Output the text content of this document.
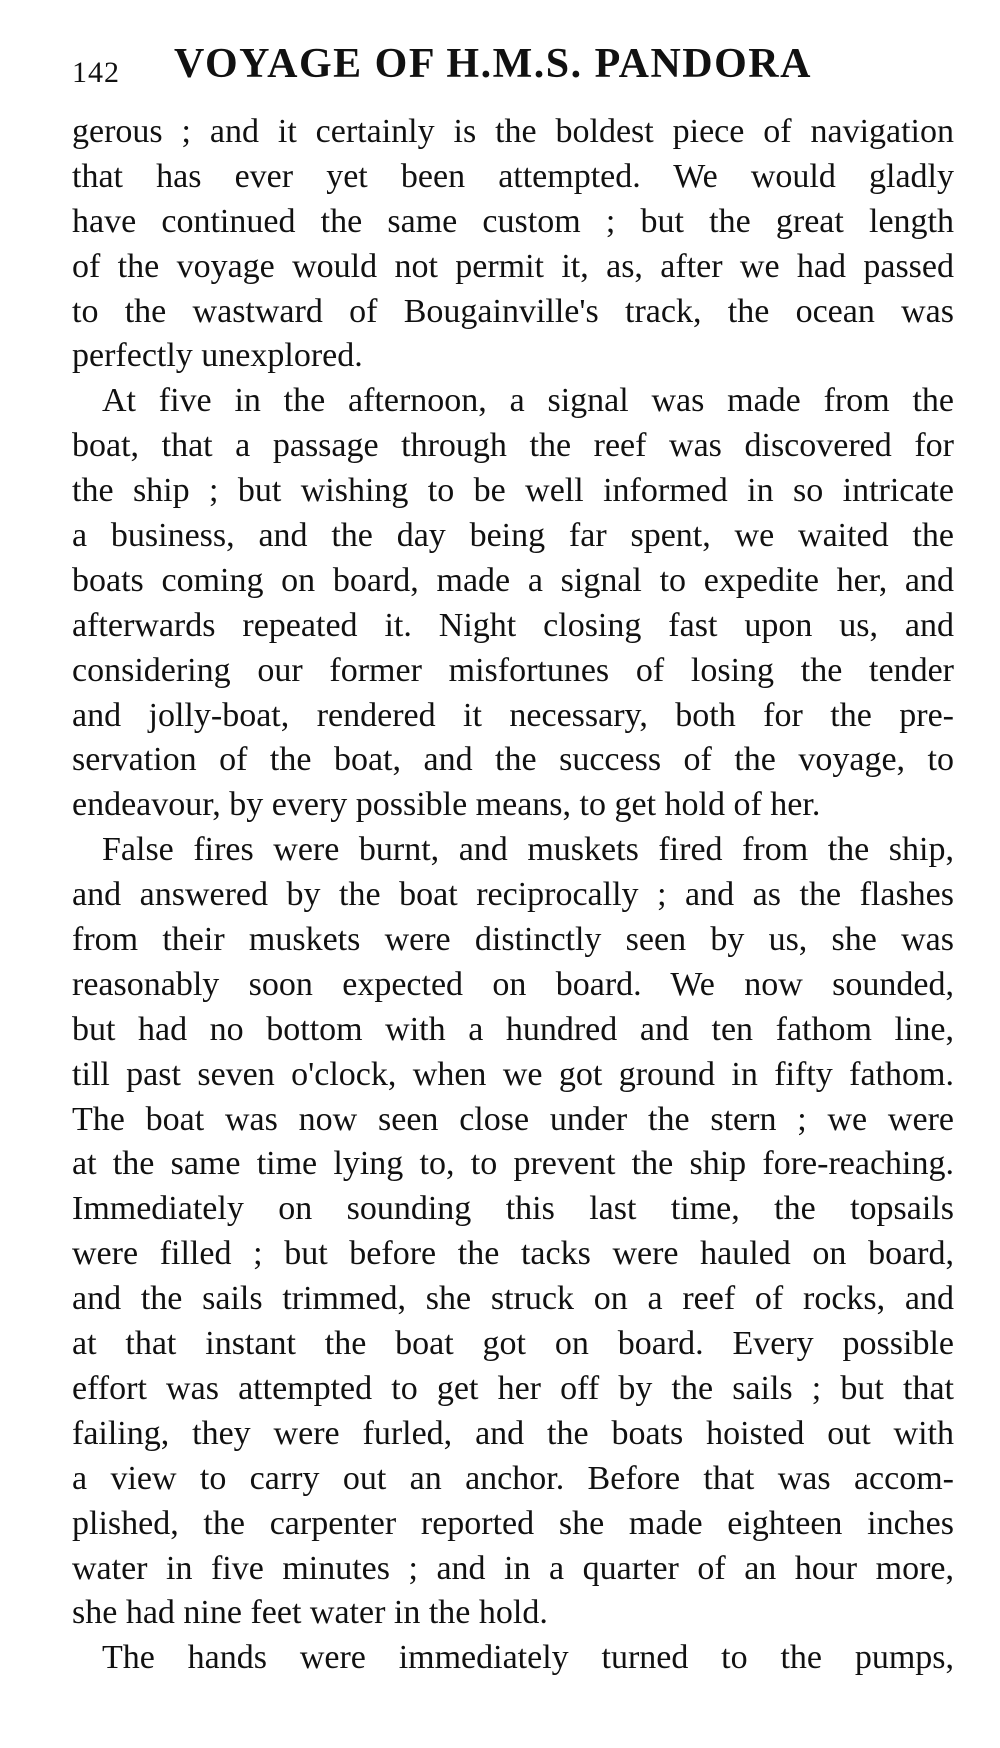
142 VOYAGE OF H.M.S. PANDORA

gerous ; and it certainly is the boldest piece of navigation
that has ever yet been attempted. We would gladly
have continued the same custom ; but the great length
of the voyage would not permit it, as, after we had passed
to the wastward of Bougainville's track, the ocean was
perfectly unexplored.

At five in the afternoon, a signal was made from the
boat, that a passage through the reef was discovered for
the ship ; but wishing to be well informed in so intricate
a business, and the day being far spent, we waited the
boats coming on board, made a signal to expedite her, and
afterwards repeated it. Night closing fast upon us, and
considering our former misfortunes of losing the tender
and jolly-boat, rendered it necessary, both for the pre-
servation of the boat, and the success of the voyage, to
endeavour, by every possible means, to get hold of her.

False fires were burnt, and muskets fired from the ship,
and answered by the boat reciprocally ; and as the flashes
from their muskets were distinctly seen by us, she was
reasonably soon expected on board. We now sounded,
but had no bottom with a hundred and ten fathom line,
till past seven o'clock, when we got ground in fifty fathom.
The boat was now seen close under the stern ; we were
at the same time lying to, to prevent the ship fore-reaching.
Immediately on sounding this last time, the topsails
were filled ; but before the tacks were hauled on board,
and the sails trimmed, she struck on a reef of rocks, and
at that instant the boat got on board. Every possible
effort was attempted to get her off by the sails ; but that
failing, they were furled, and the boats hoisted out with
a view to carry out an anchor. Before that was accom-
plished, the carpenter reported she made eighteen inches
water in five minutes ; and in a quarter of an hour more,
she had nine feet water in the hold.

The hands were immediately turned to the pumps,
